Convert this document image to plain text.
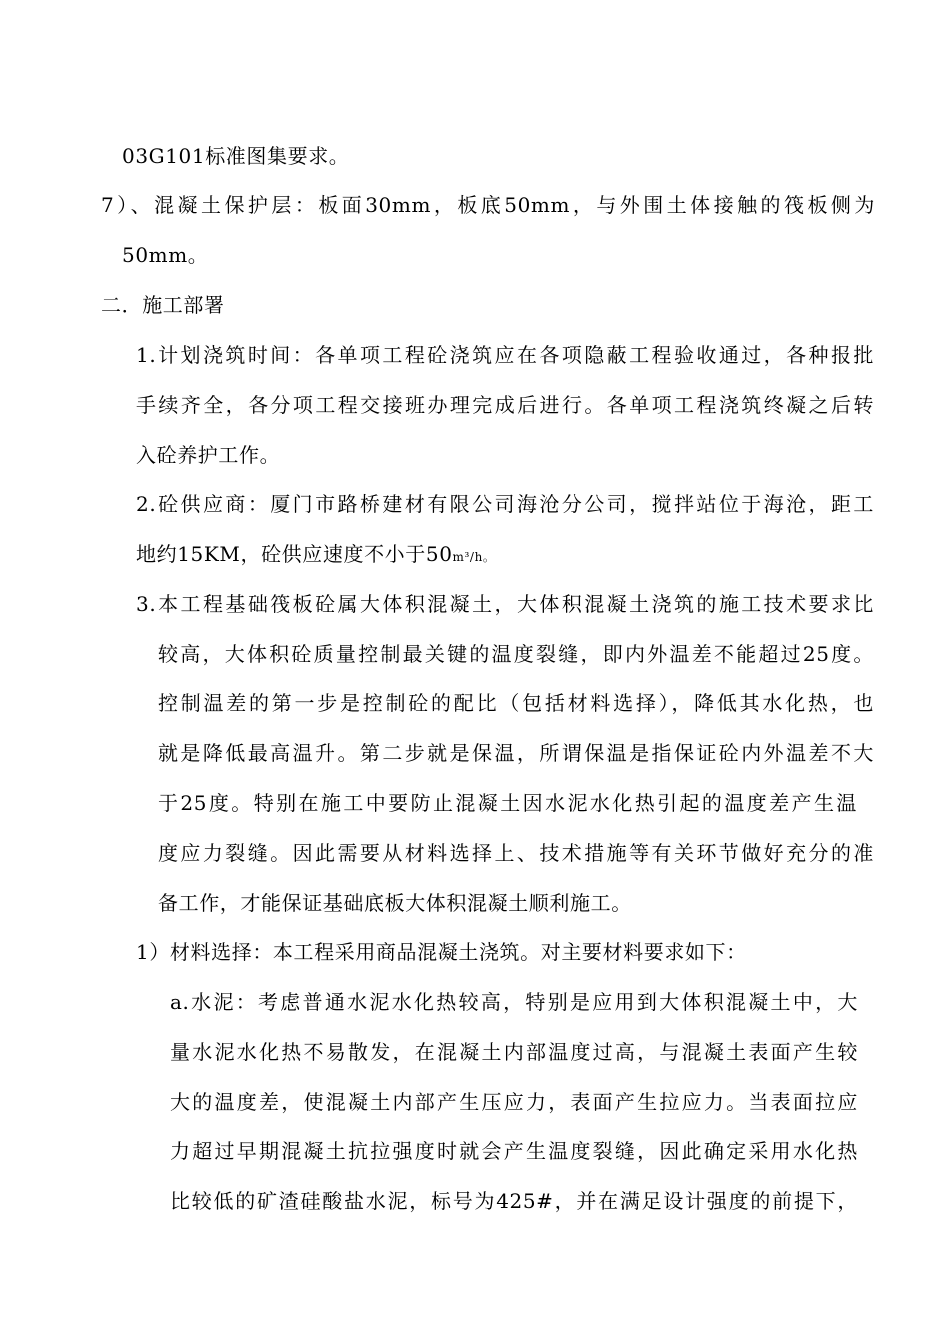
03G101标准图集要求。
7）、混凝土保护层：板面30mm，板底50mm，与外围土体接触的筏板侧为
50mm。
二．施工部署
1.计划浇筑时间：各单项工程砼浇筑应在各项隐蔽工程验收通过，各种报批
手续齐全，各分项工程交接班办理完成后进行。各单项工程浇筑终凝之后转
入砼养护工作。
2.砼供应商：厦门市路桥建材有限公司海沧分公司，搅拌站位于海沧，距工
地约15KM，砼供应速度不小于50m³/h。
3.本工程基础筏板砼属大体积混凝土，大体积混凝土浇筑的施工技术要求比
较高，大体积砼质量控制最关键的温度裂缝，即内外温差不能超过25度。
控制温差的第一步是控制砼的配比（包括材料选择），降低其水化热，也
就是降低最高温升。第二步就是保温，所谓保温是指保证砼内外温差不大
于25度。特别在施工中要防止混凝土因水泥水化热引起的温度差产生温
度应力裂缝。因此需要从材料选择上、技术措施等有关环节做好充分的准
备工作，才能保证基础底板大体积混凝土顺利施工。
1）材料选择：本工程采用商品混凝土浇筑。对主要材料要求如下：
a.水泥：考虑普通水泥水化热较高，特别是应用到大体积混凝土中，大
量水泥水化热不易散发，在混凝土内部温度过高，与混凝土表面产生较
大的温度差，使混凝土内部产生压应力，表面产生拉应力。当表面拉应
力超过早期混凝土抗拉强度时就会产生温度裂缝，因此确定采用水化热
比较低的矿渣硅酸盐水泥，标号为425#，并在满足设计强度的前提下，
